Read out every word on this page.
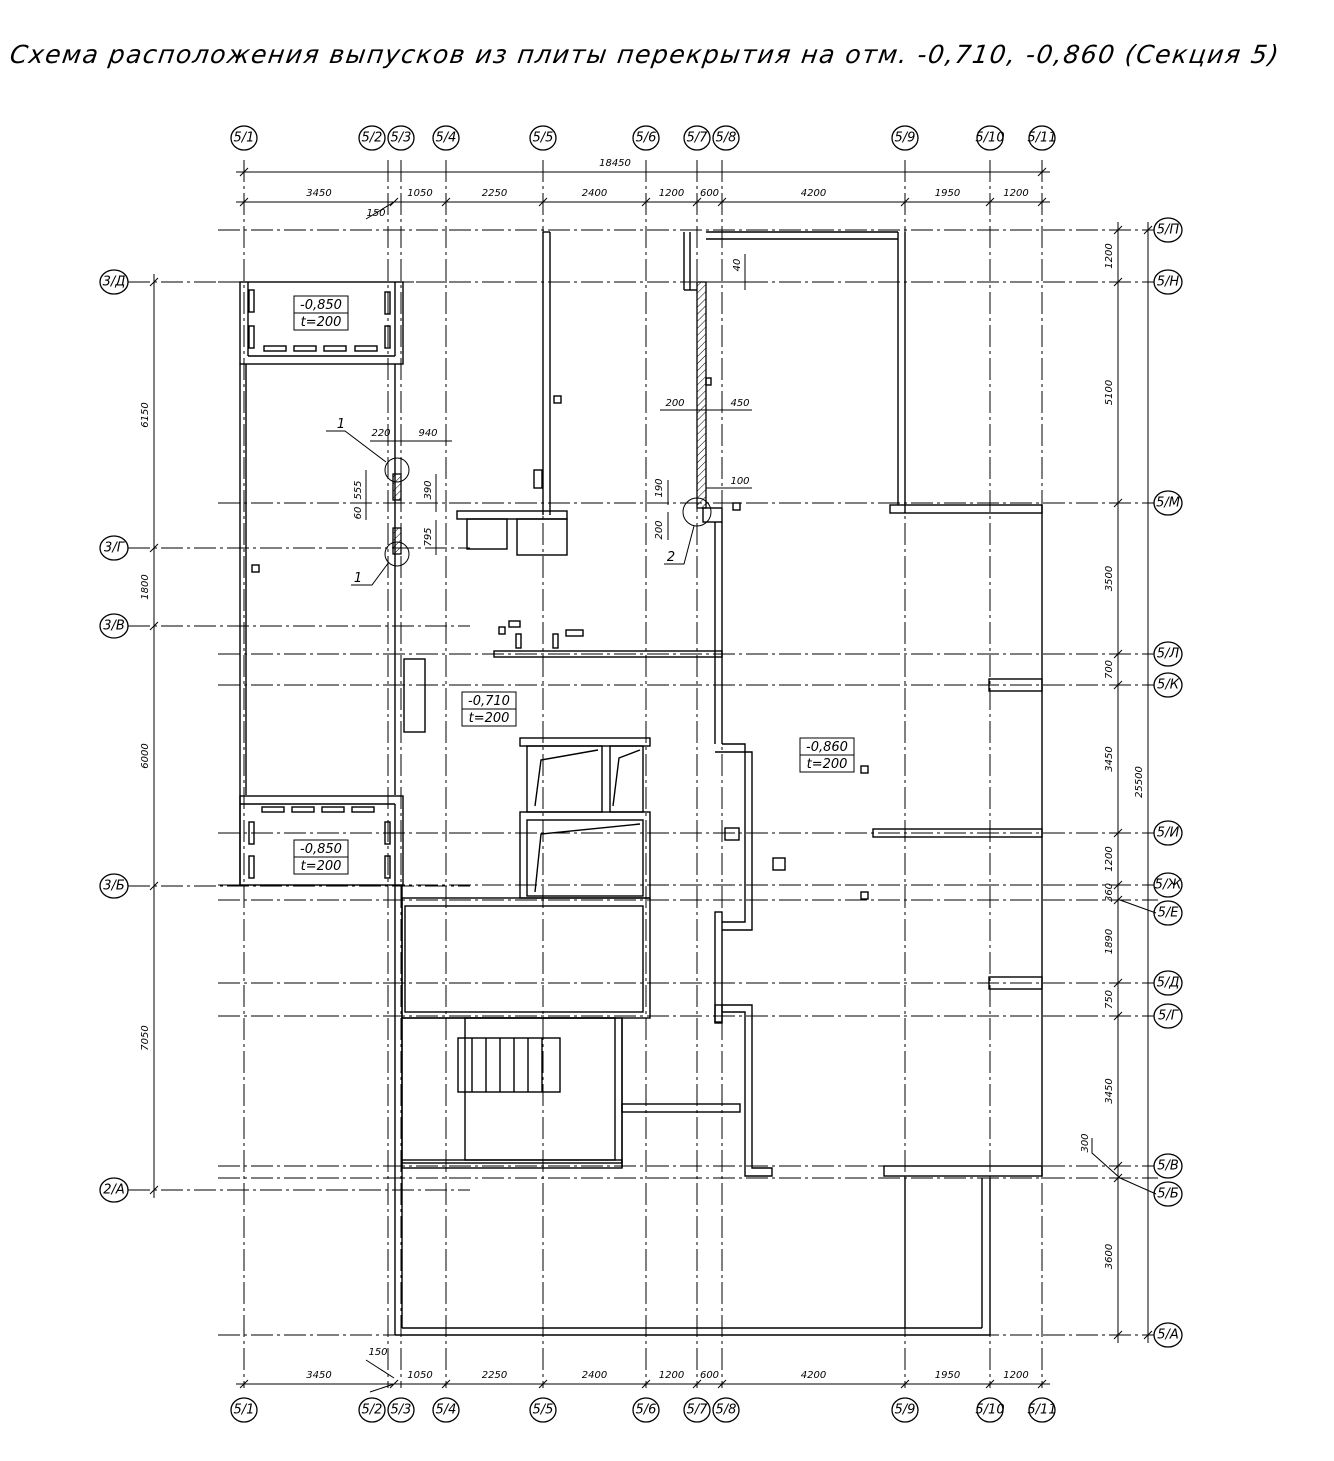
Схема расположения выпусков из плиты перекрытия на отм. -0,710, -0,860 (Секция 5)
5/1
5/1
5/2
5/2
5/3
5/3
5/4
5/4
5/5
5/5
5/6
5/6
5/7
5/7
5/8
5/8
5/9
5/9
5/10
5/10
5/11
5/11
5/П
5/Н
5/М
5/Л
5/К
5/И
5/Ж
5/Е
5/Д
5/Г
5/В
5/Б
5/А
3/Д
3/Г
3/В
3/Б
2/А
18450
3450	1050	2250	2400	1200 600	4200	1950	1200
3450	1050	2250	2400	1200 600	4200	1950	1200
1200
5100
3500
700
3450
1200
360
1890
750
3450
3600
25500
6150
1800
6000
7050
1
1
2
150
150
40
200	450
190	100
200
220	940
555	390
60
795
300
-0,850
t=200
-0,710
t=200
-0,860
t=200
-0,850
t=200
